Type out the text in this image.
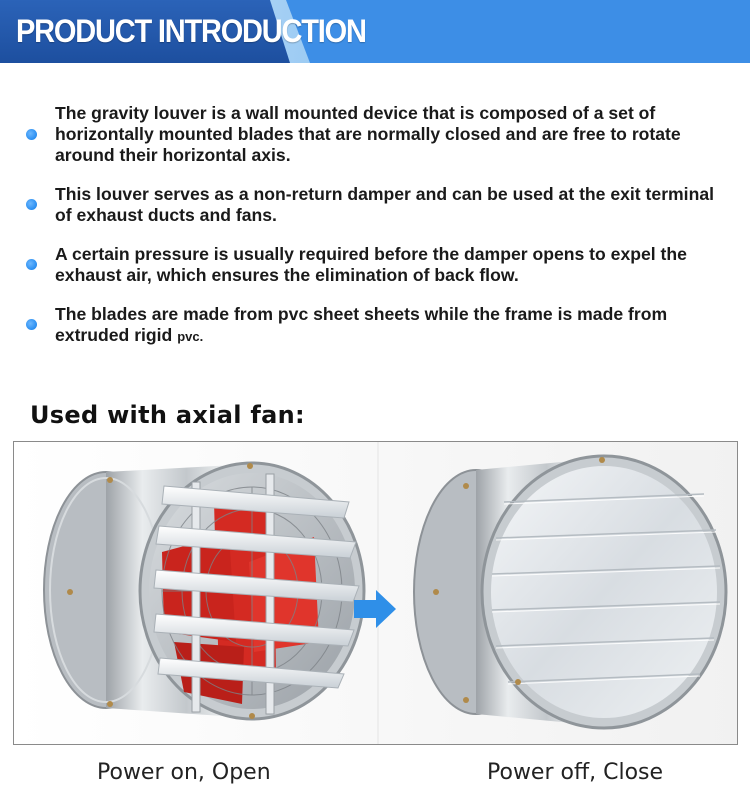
PRODUCT INTRODUCTION
The gravity louver is a wall mounted device that is composed of a set of horizontally mounted blades that are normally closed and are free to rotate around their horizontal axis.
This louver serves as a non-return damper and can be used at the exit terminal of exhaust ducts and fans.
A certain pressure is usually required before the damper opens to expel the exhaust air, which ensures the elimination of back flow.
The blades are made from pvc sheet sheets while the frame is made from extruded rigid pvc.
Used with axial fan:
Power on, Open	Power off, Close
